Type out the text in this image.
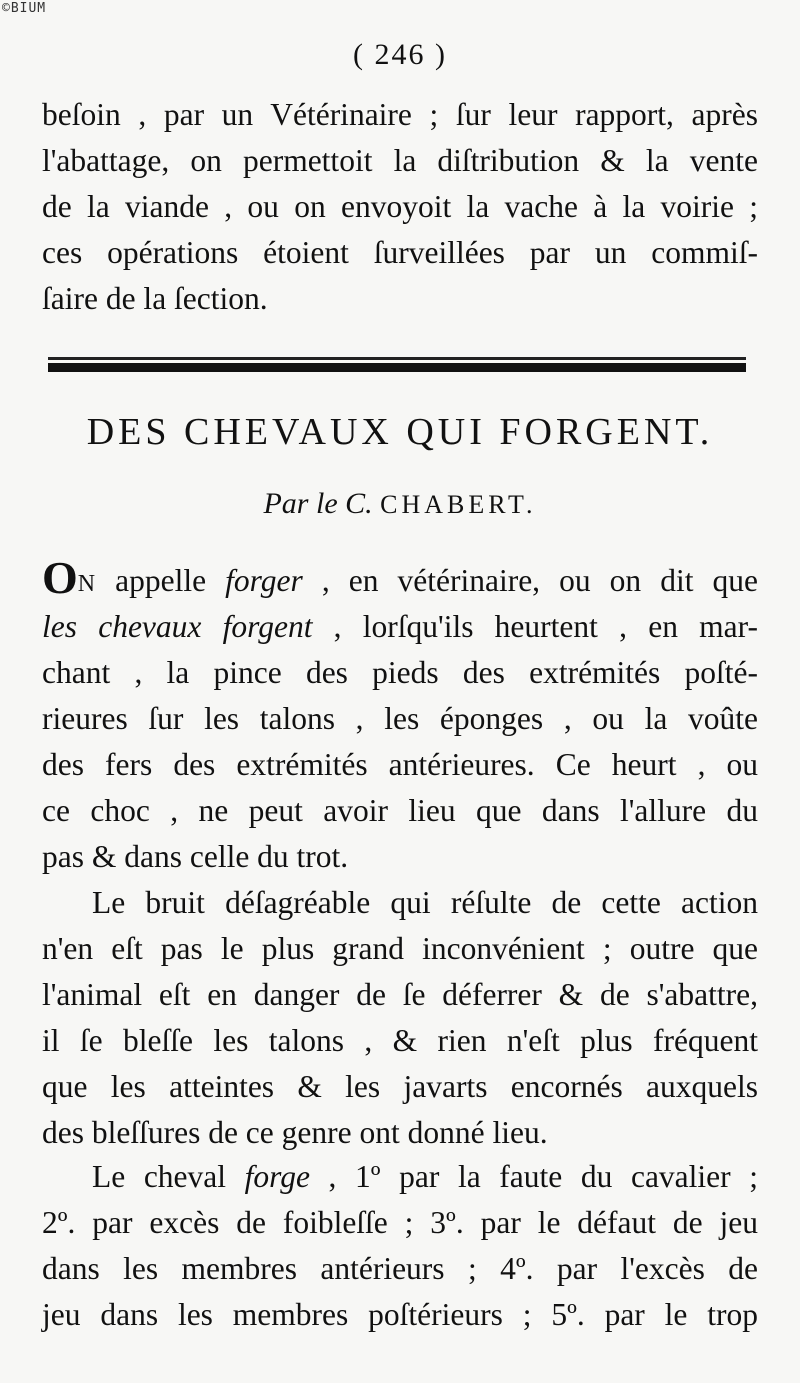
©BIUM
( 246 )
beſoin , par un Vétérinaire ; ſur leur rapport, après
l'abattage, on permettoit la diſtribution & la vente
de la viande , ou on envoyoit la vache à la voirie ;
ces opérations étoient ſurveillées par un commiſ-
ſaire de la ſection.
DES CHEVAUX QUI FORGENT.
Par le C. CHABERT.
ON appelle forger , en vétérinaire, ou on dit que
les chevaux forgent , lorſqu'ils heurtent , en mar-
chant , la pince des pieds des extrémités poſté-
rieures ſur les talons , les éponges , ou la voûte
des fers des extrémités antérieures. Ce heurt , ou
ce choc , ne peut avoir lieu que dans l'allure du
pas & dans celle du trot.
Le bruit déſagréable qui réſulte de cette action
n'en eſt pas le plus grand inconvénient ; outre que
l'animal eſt en danger de ſe déferrer & de s'abattre,
il ſe bleſſe les talons , & rien n'eſt plus fréquent
que les atteintes & les javarts encornés auxquels
des bleſſures de ce genre ont donné lieu.
Le cheval forge , 1º par la faute du cavalier ;
2º. par excès de foibleſſe ; 3º. par le défaut de jeu
dans les membres antérieurs ; 4º. par l'excès de
jeu dans les membres poſtérieurs ; 5º. par le trop
